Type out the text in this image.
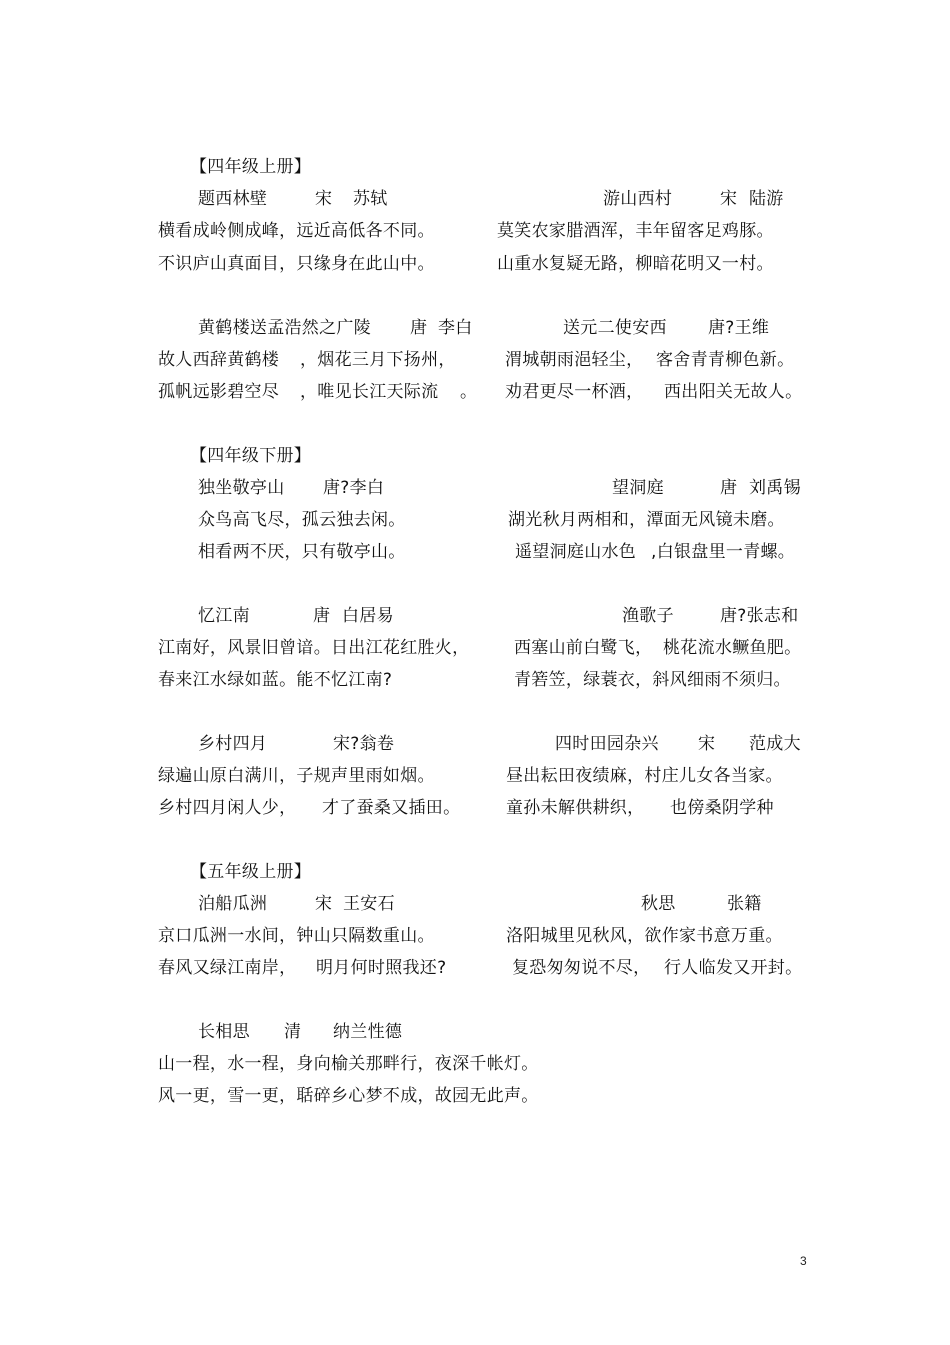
【四年级上册】
题西林壁	宋 苏轼
横看成岭侧成峰，远近高低各不同。
不识庐山真面目，只缘身在此山中。
游山西村	宋 陆游
莫笑农家腊酒浑，丰年留客足鸡豚。
山重水复疑无路，柳暗花明又一村。
黄鹤楼送孟浩然之广陵 唐 李白
故人西辞黄鹤楼 ，烟花三月下扬州，
孤帆远影碧空尽 ，唯见长江天际流 。
送元二使安西 唐?王维
渭城朝雨浥轻尘， 客舍青青柳色新。
劝君更尽一杯酒， 西出阳关无故人。
【四年级下册】
独坐敬亭山 唐?李白
众鸟高飞尽，孤云独去闲。
相看两不厌，只有敬亭山。
望洞庭	唐 刘禹锡
湖光秋月两相和，潭面无风镜未磨。
遥望洞庭山水色 ,白银盘里一青螺。
忆江南	唐 白居易
江南好，风景旧曾谙。日出江花红胜火，
春来江水绿如蓝。能不忆江南?
渔歌子	唐?张志和
西塞山前白鹭飞， 桃花流水鳜鱼肥。
青箬笠，绿蓑衣，斜风细雨不须归。
乡村四月	宋?翁卷
绿遍山原白满川，子规声里雨如烟。
乡村四月闲人少， 才了蚕桑又插田。
四时田园杂兴 宋 范成大
昼出耘田夜绩麻，村庄儿女各当家。
童孙未解供耕织， 也傍桑阴学种
【五年级上册】
泊船瓜洲	宋 王安石
京口瓜洲一水间，钟山只隔数重山。
春风又绿江南岸， 明月何时照我还?
秋思	张籍
洛阳城里见秋风，欲作家书意万重。
复恐匆匆说不尽， 行人临发又开封。
长相思 清 纳兰性德
山一程，水一程，身向榆关那畔行，夜深千帐灯。
风一更，雪一更，聒碎乡心梦不成，故园无此声。
3
